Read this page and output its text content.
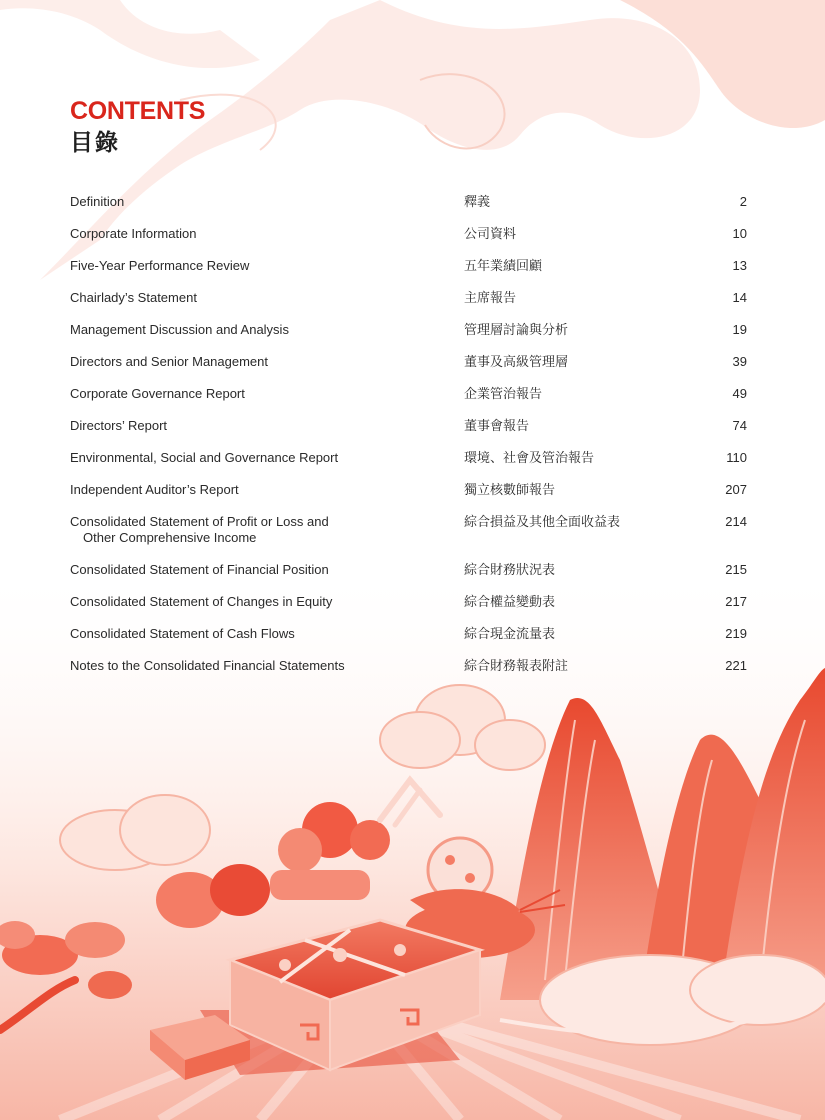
CONTENTS
目錄
Definition	釋義	2
Corporate Information	公司資料	10
Five-Year Performance Review	五年業績回顧	13
Chairlady’s Statement	主席報告	14
Management Discussion and Analysis	管理層討論與分析	19
Directors and Senior Management	董事及高級管理層	39
Corporate Governance Report	企業管治報告	49
Directors’ Report	董事會報告	74
Environmental, Social and Governance Report	環境、社會及管治報告	110
Independent Auditor’s Report	獨立核數師報告	207
Consolidated Statement of Profit or Loss and
Other Comprehensive Income
綜合損益及其他全面收益表	214
Consolidated Statement of Financial Position	綜合財務狀況表	215
Consolidated Statement of Changes in Equity	綜合權益變動表	217
Consolidated Statement of Cash Flows	綜合現金流量表	219
Notes to the Consolidated Financial Statements	綜合財務報表附註	221
